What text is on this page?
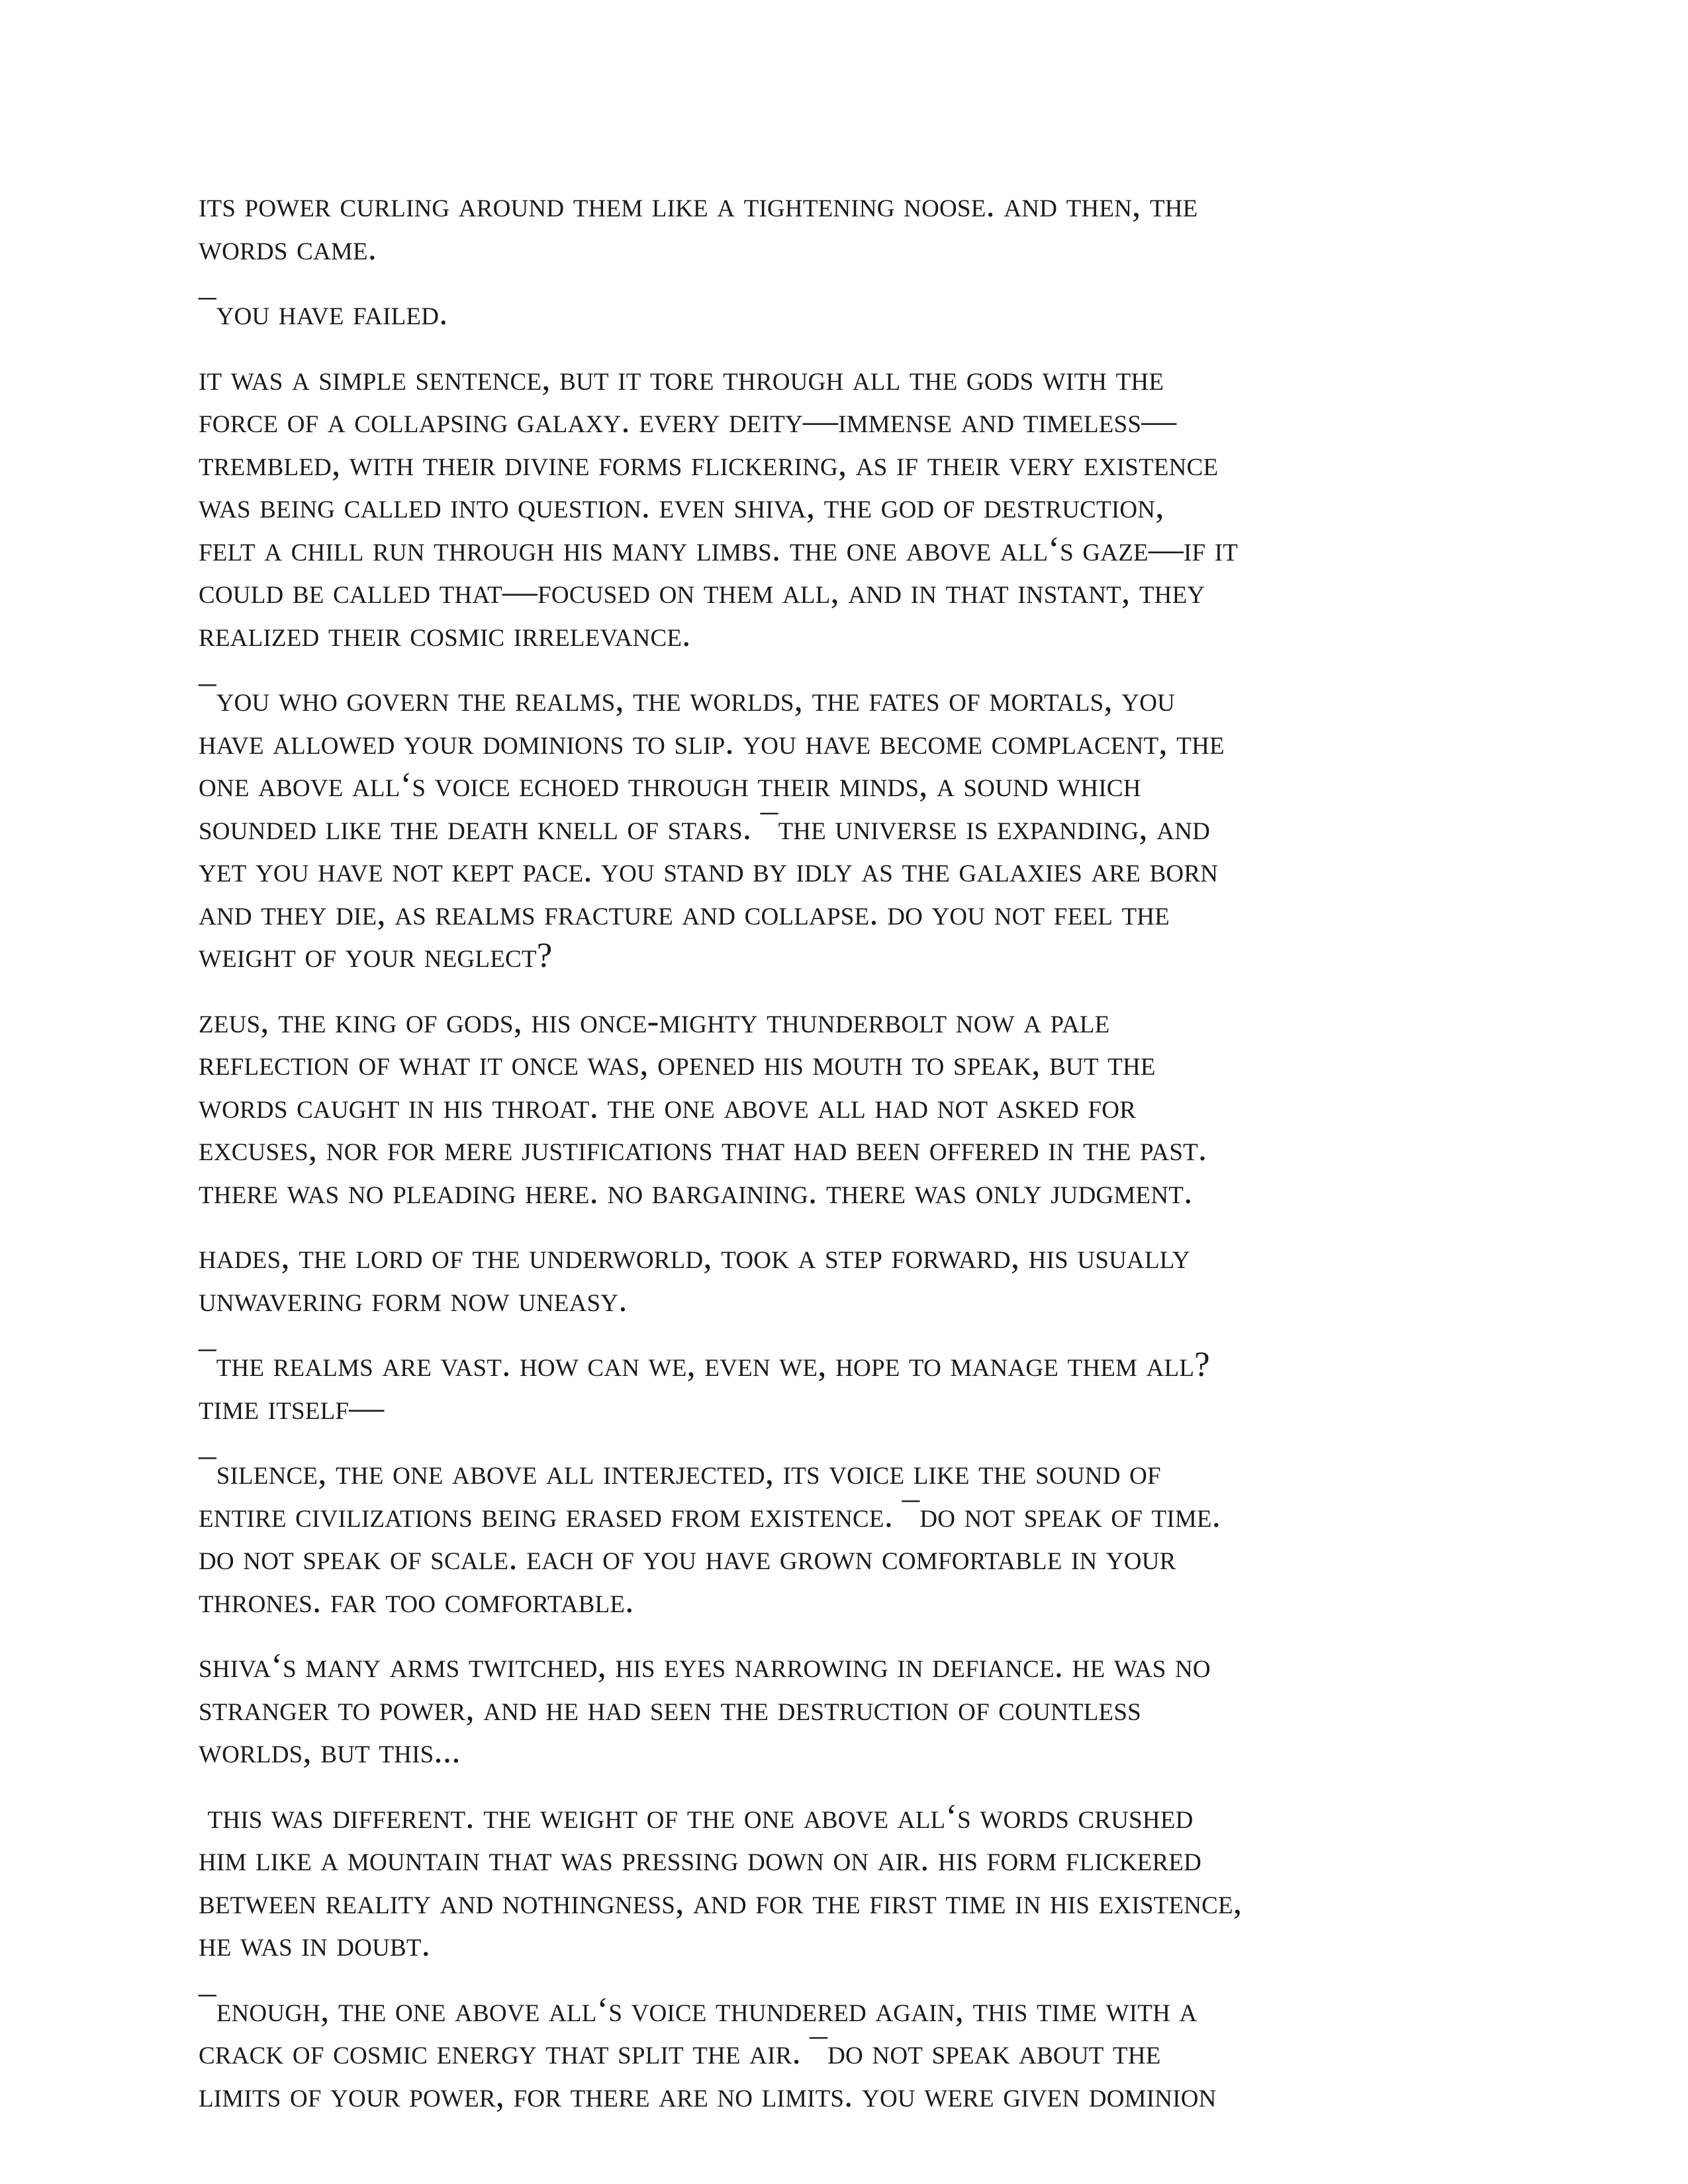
its power curling around them like a tightening noose. and then, the
words came.

¯you have failed.

it was a simple sentence, but it tore through all the gods with the
force of a collapsing galaxy. every deity—immense and timeless—
trembled, with their divine forms flickering, as if their very existence
was being called into question. even shiva, the god of destruction,
felt a chill run through his many limbs. the one above all‘s gaze—if it
could be called that—focused on them all, and in that instant, they
realized their cosmic irrelevance.

¯you who govern the realms, the worlds, the fates of mortals, you
have allowed your dominions to slip. you have become complacent, the
one above all‘s voice echoed through their minds, a sound which
sounded like the death knell of stars. ¯the universe is expanding, and
yet you have not kept pace. you stand by idly as the galaxies are born
and they die, as realms fracture and collapse. do you not feel the
weight of your neglect?

zeus, the king of gods, his once-mighty thunderbolt now a pale
reflection of what it once was, opened his mouth to speak, but the
words caught in his throat. the one above all had not asked for
excuses, nor for mere justifications that had been offered in the past.
there was no pleading here. no bargaining. there was only judgment.

hades, the lord of the underworld, took a step forward, his usually
unwavering form now uneasy.

¯the realms are vast. how can we, even we, hope to manage them all?
time itself—

¯silence, the one above all interjected, its voice like the sound of
entire civilizations being erased from existence. ¯do not speak of time.
do not speak of scale. each of you have grown comfortable in your
thrones. far too comfortable.

shiva‘s many arms twitched, his eyes narrowing in defiance. he was no
stranger to power, and he had seen the destruction of countless
worlds, but this...

this was different. the weight of the one above all‘s words crushed
him like a mountain that was pressing down on air. his form flickered
between reality and nothingness, and for the first time in his existence,
he was in doubt.

¯enough, the one above all‘s voice thundered again, this time with a
crack of cosmic energy that split the air. ¯do not speak about the
limits of your power, for there are no limits. you were given dominion
